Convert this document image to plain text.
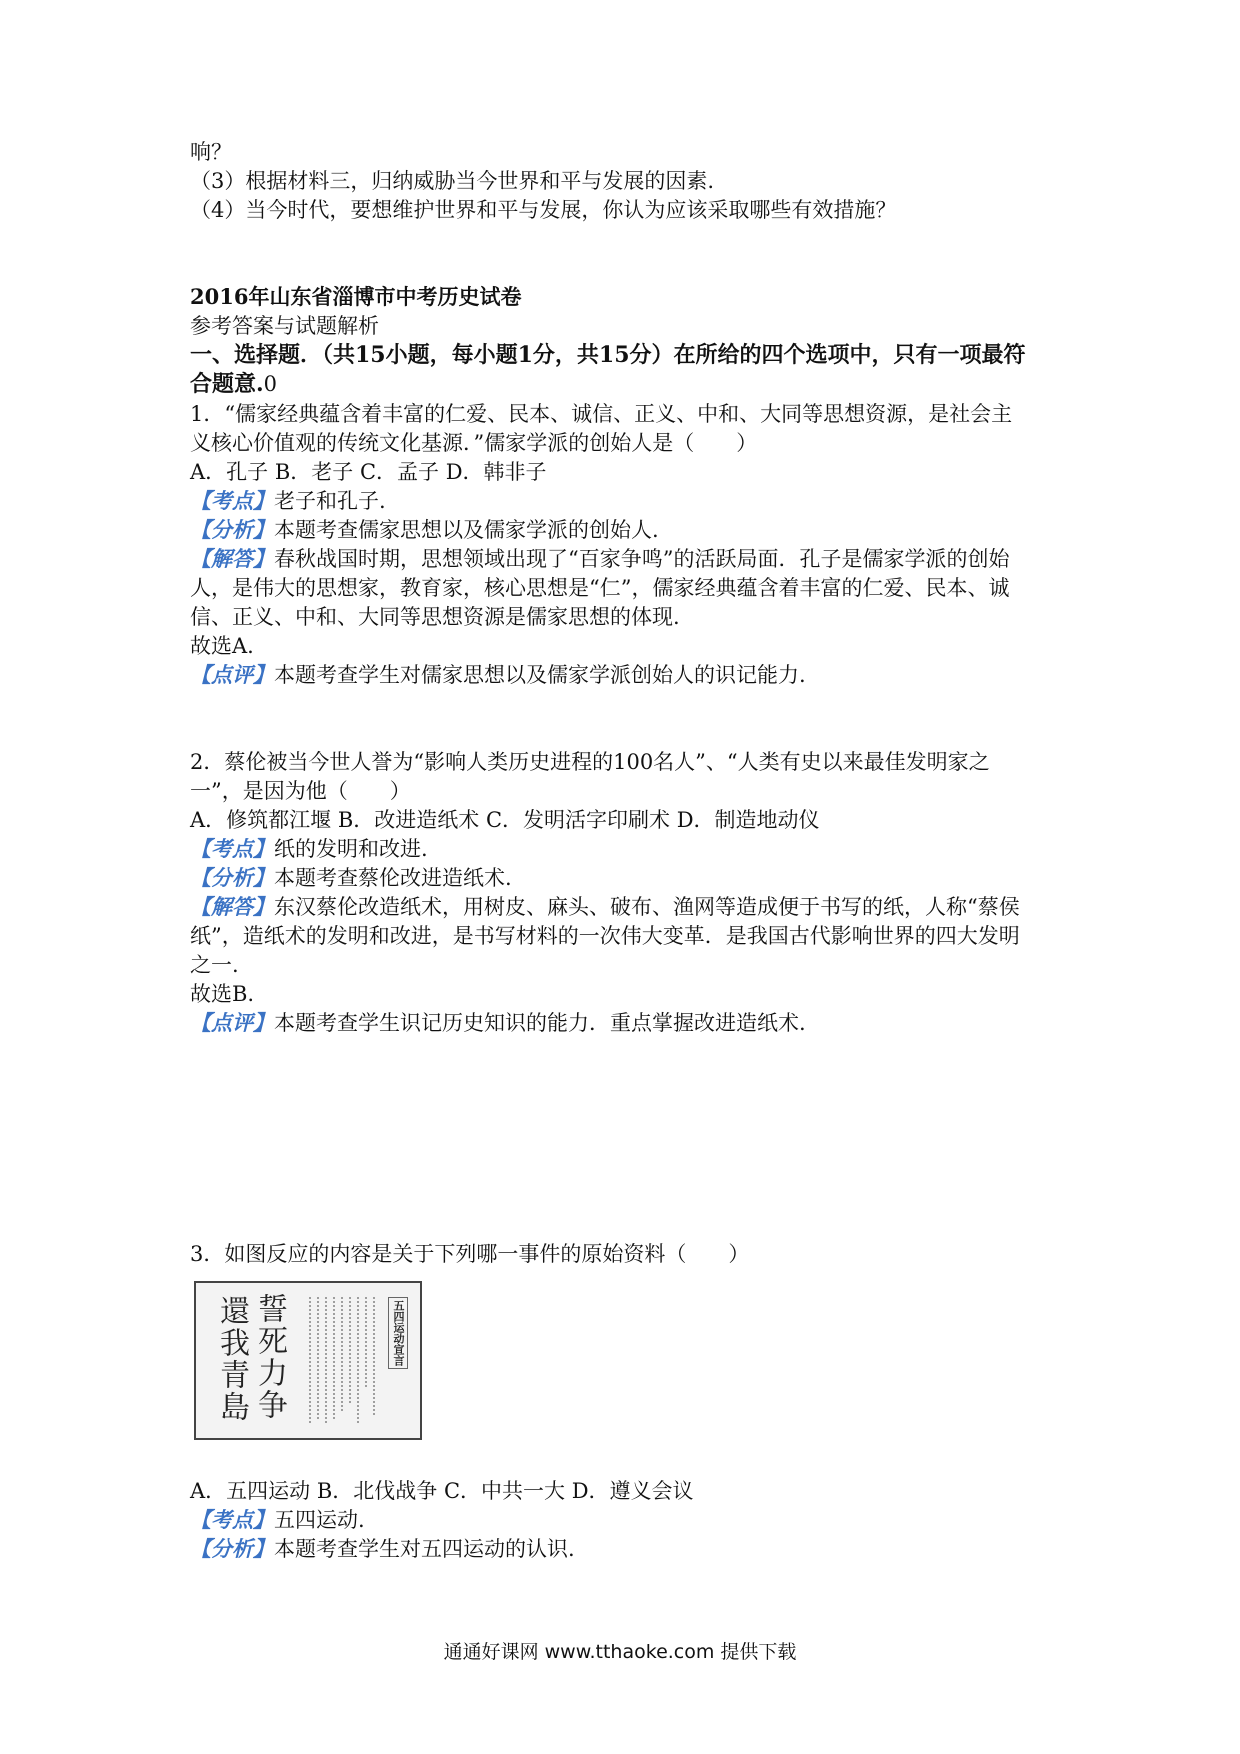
响？
（3）根据材料三，归纳威胁当今世界和平与发展的因素.
（4）当今时代，要想维护世界和平与发展，你认为应该采取哪些有效措施？
2016年山东省淄博市中考历史试卷
参考答案与试题解析
一、选择题．（共15小题，每小题1分，共15分）在所给的四个选项中，只有一项最符
合题意.0
1．“儒家经典蕴含着丰富的仁爱、民本、诚信、正义、中和、大同等思想资源，是社会主
义核心价值观的传统文化基源．”儒家学派的创始人是（　　）
A．孔子 B．老子 C．孟子 D．韩非子
【考点】老子和孔子.
【分析】本题考查儒家思想以及儒家学派的创始人.
【解答】春秋战国时期，思想领域出现了“百家争鸣”的活跃局面．孔子是儒家学派的创始
人，是伟大的思想家，教育家，核心思想是“仁”，儒家经典蕴含着丰富的仁爱、民本、诚
信、正义、中和、大同等思想资源是儒家思想的体现.
故选A.
【点评】本题考查学生对儒家思想以及儒家学派创始人的识记能力.
2．蔡伦被当今世人誉为“影响人类历史进程的100名人”、“人类有史以来最佳发明家之
一”，是因为他（　　）
A．修筑都江堰 B．改进造纸术 C．发明活字印刷术 D．制造地动仪
【考点】纸的发明和改进.
【分析】本题考查蔡伦改进造纸术.
【解答】东汉蔡伦改造纸术，用树皮、麻头、破布、渔网等造成便于书写的纸，人称“蔡侯
纸”，造纸术的发明和改进，是书写材料的一次伟大变革．是我国古代影响世界的四大发明
之一.
故选B.
【点评】本题考查学生识记历史知识的能力．重点掌握改进造纸术.
3．如图反应的内容是关于下列哪一事件的原始资料（　　）
還我青島 誓死力争	五四运动宣言
A．五四运动 B．北伐战争 C．中共一大 D．遵义会议
【考点】五四运动.
【分析】本题考查学生对五四运动的认识.
通通好课网 www.tthaoke.com 提供下载
